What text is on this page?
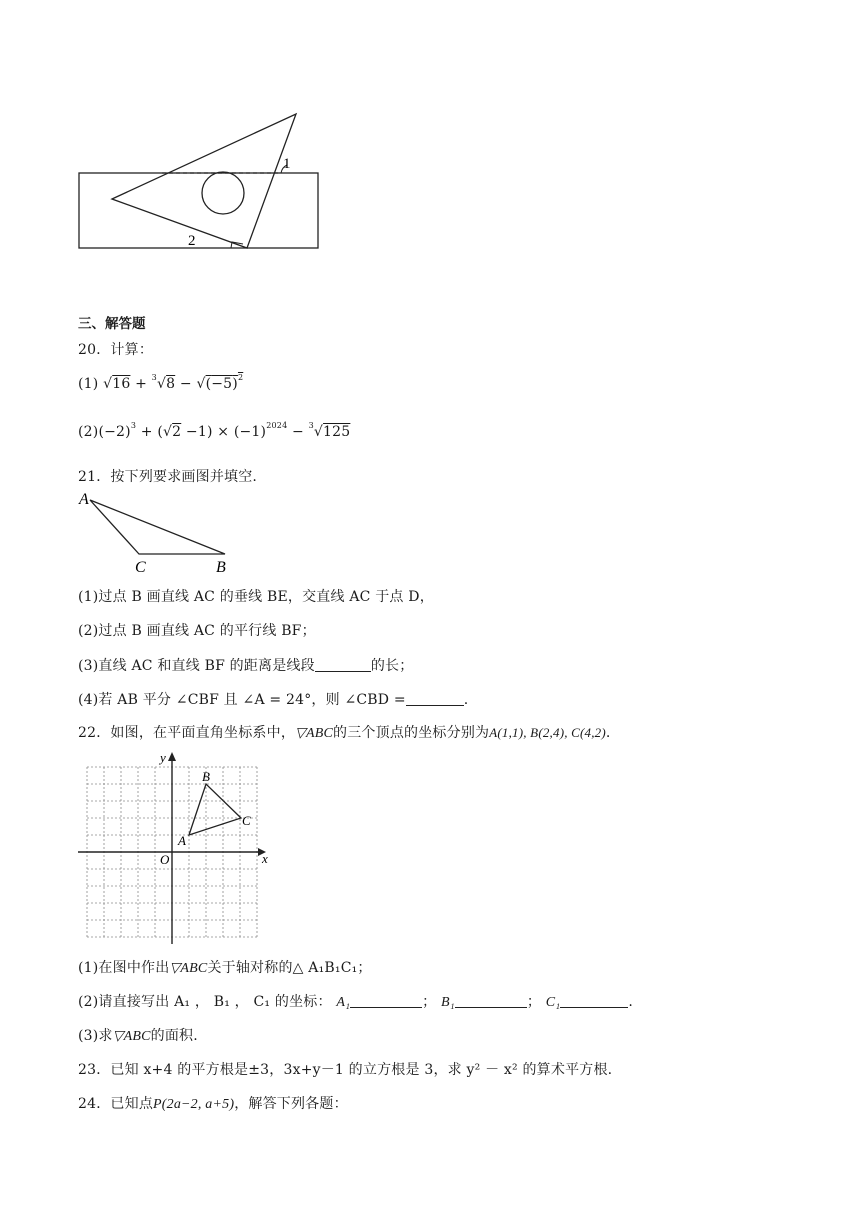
1
2
三、解答题
20．计算：
(1) $√16 + ^3√8 - √(-5)^2$
$(2)(-2)^3 + (√2 -1) \times (-1)^{2024} - ^3√125$
21．按下列要求画图并填空.
A
C	B
(1)过点 B 画直线 AC 的垂线 BE，交直线 AC 于点 D，
(2)过点 B 画直线 AC 的平行线 BF；
(3)直线 AC 和直线 BF 的距离是线段	的长；
(4)若 AB 平分 ∠CBF 且 ∠A = 24°，则 ∠CBD =	.
22．如图，在平面直角坐标系中，▽ABC的三个顶点的坐标分别为A(1,1), B(2,4), C(4,2).
x
y
O
A
B
C
(1)在图中作出▽ABC关于轴对称的△ A₁B₁C₁；
(2)请直接写出 A₁ ， B₁ ， C₁ 的坐标： A₁	； B₁	； C₁	.
(3)求▽ABC的面积.
23．已知 x+4 的平方根是±3，3x+y－1 的立方根是 3，求 y² － x² 的算术平方根.
24．已知点P(2a−2, a+5)，解答下列各题：
